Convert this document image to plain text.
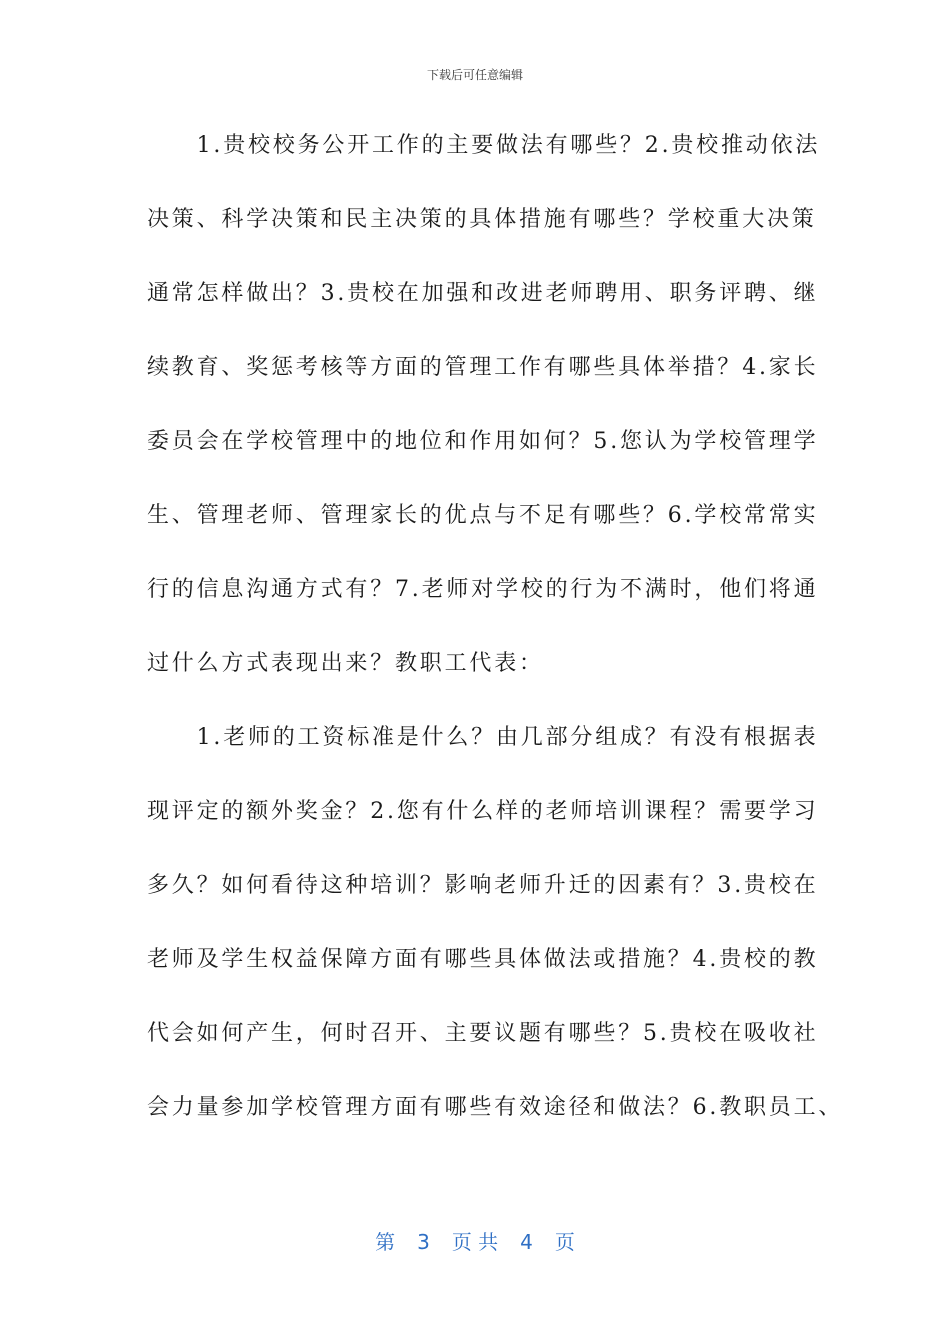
下载后可任意编辑
　　1.贵校校务公开工作的主要做法有哪些？2.贵校推动依法
决策、科学决策和民主决策的具体措施有哪些？学校重大决策
通常怎样做出？3.贵校在加强和改进老师聘用、职务评聘、继
续教育、奖惩考核等方面的管理工作有哪些具体举措？4.家长
委员会在学校管理中的地位和作用如何？5.您认为学校管理学
生、管理老师、管理家长的优点与不足有哪些？6.学校常常实
行的信息沟通方式有？7.老师对学校的行为不满时，他们将通
过什么方式表现出来？教职工代表：
　　1.老师的工资标准是什么？由几部分组成？有没有根据表
现评定的额外奖金？2.您有什么样的老师培训课程？需要学习
多久？如何看待这种培训？影响老师升迁的因素有？3.贵校在
老师及学生权益保障方面有哪些具体做法或措施？4.贵校的教
代会如何产生，何时召开、主要议题有哪些？5.贵校在吸收社
会力量参加学校管理方面有哪些有效途径和做法？6.教职员工、
第 3 页 共 4 页
